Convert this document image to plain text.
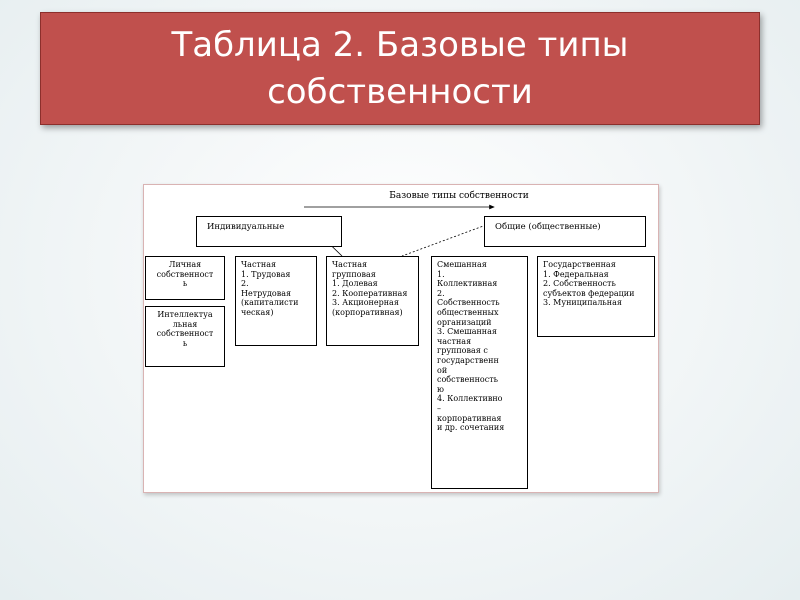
Таблица 2. Базовые типы
собственности
Базовые типы собственности
Индивидуальные	Общие (общественные)
Личная
собственност
ь
Интеллектуа
льная
собственност
ь
Частная
1. Трудовая
2.
Нетрудовая
(капиталисти
ческая)
Частная
групповая
1. Долевая
2. Кооперативная
3. Акционерная
(корпоративная)
Смешанная
1.
Коллективная
2.
Собственность
общественных
организаций
3. Смешанная
частная
групповая с
государственн
ой
собственность
ю
4. Коллективно
–
корпоративная
и др. сочетания
Государственная
1. Федеральная
2. Собственность
субъектов федерации
3. Муниципальная
